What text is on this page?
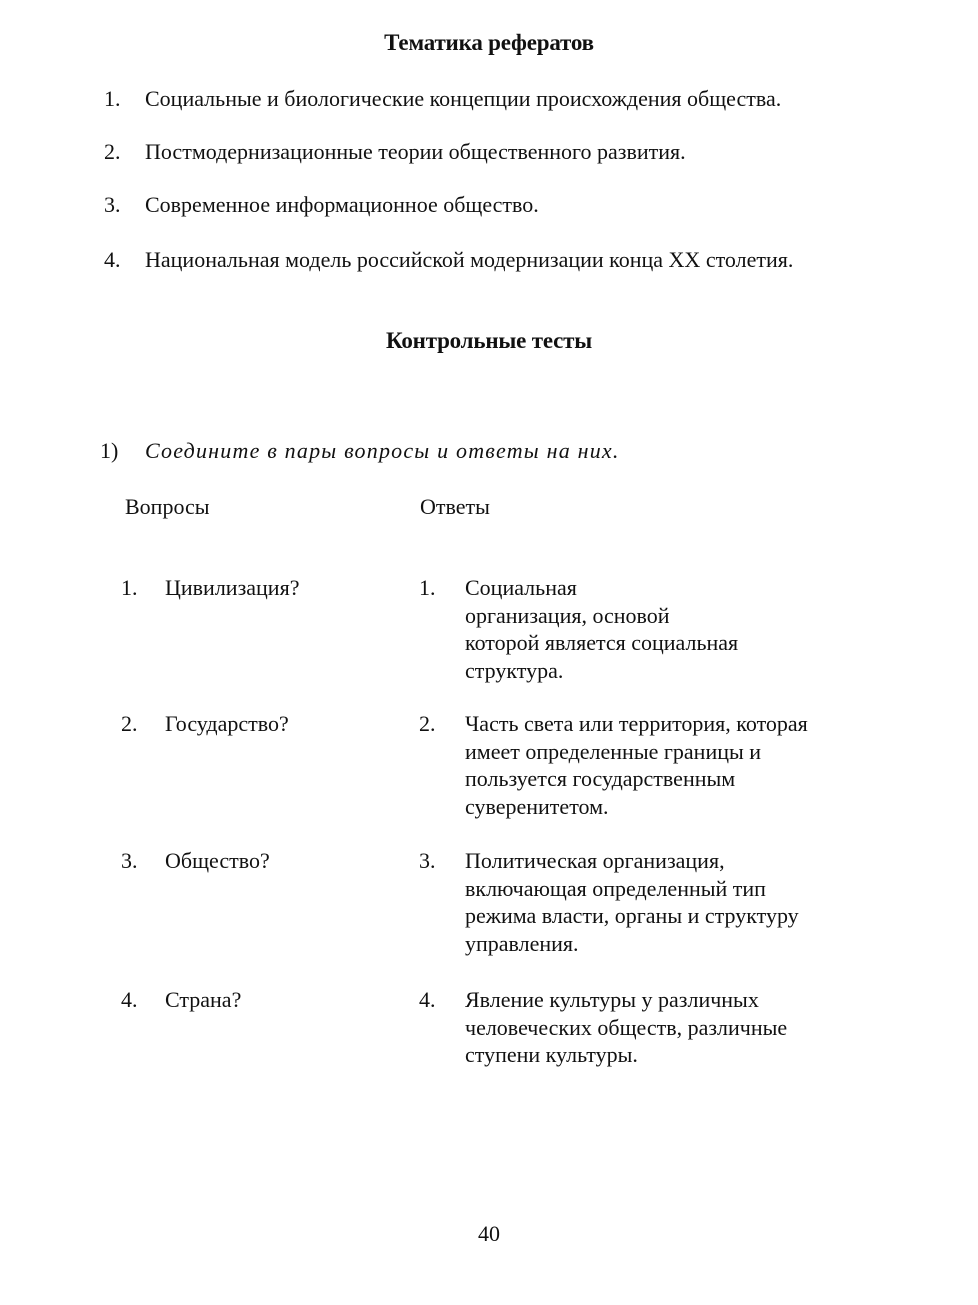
Тематика рефератов
1. Социальные и биологические концепции происхождения общества.
2. Постмодернизационные теории общественного развития.
3. Современное информационное общество.
4. Национальная модель российской модернизации конца XX столетия.
Контрольные тесты
1) Соедините в пары вопросы и ответы на них.
Вопросы	Ответы
1. Цивилизация?	1. Социальная
организация, основой
которой является социальная
структура.
2. Государство?	2. Часть света или территория, которая
имеет определенные границы и
пользуется государственным
суверенитетом.
3. Общество?	3. Политическая организация,
включающая определенный тип
режима власти, органы и структуру
управления.
4. Страна?	4. Явление культуры у различных
человеческих обществ, различные
ступени культуры.
40
